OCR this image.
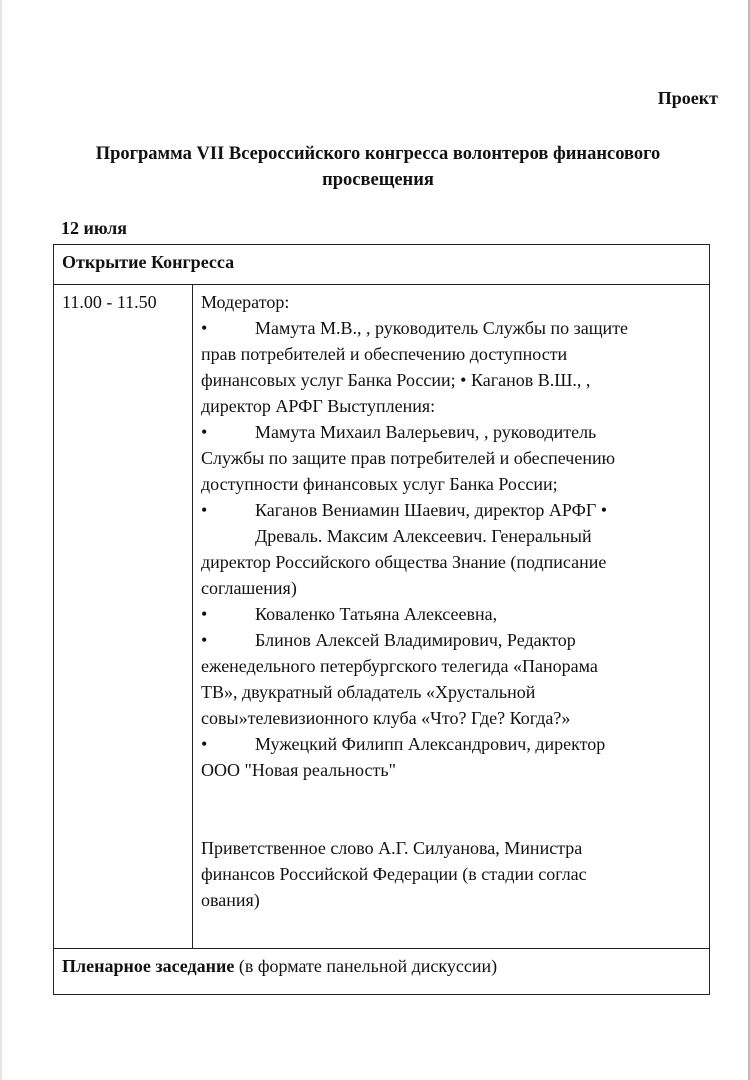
Проект
Программа VII Всероссийского конгресса волонтеров финансового
просвещения
12 июля
Открытие Конгресса
11.00 - 11.50	Модератор:
•	Мамута М.В., , руководитель Службы по защите
прав потребителей и обеспечению доступности
финансовых услуг Банка России; • Каганов В.Ш., ,
директор АРФГ Выступления:
•	Мамута Михаил Валерьевич, , руководитель
Службы по защите прав потребителей и обеспечению
доступности финансовых услуг Банка России;
•	Каганов Вениамин Шаевич, директор АРФГ •
Древаль. Максим Алексеевич. Генеральный
директор Российского общества Знание (подписание
соглашения)
•	Коваленко Татьяна Алексеевна,
•	Блинов Алексей Владимирович, Редактор
еженедельного петербургского телегида «Панорама
ТВ», двукратный обладатель «Хрустальной
совы»телевизионного клуба «Что? Где? Когда?»
•	Мужецкий Филипп Александрович, директор
ООО "Новая реальность"
Приветственное слово А.Г. Силуанова, Министра
финансов Российской Федерации (в стадии соглас
ования)

Пленарное заседание (в формате панельной дискуссии)
